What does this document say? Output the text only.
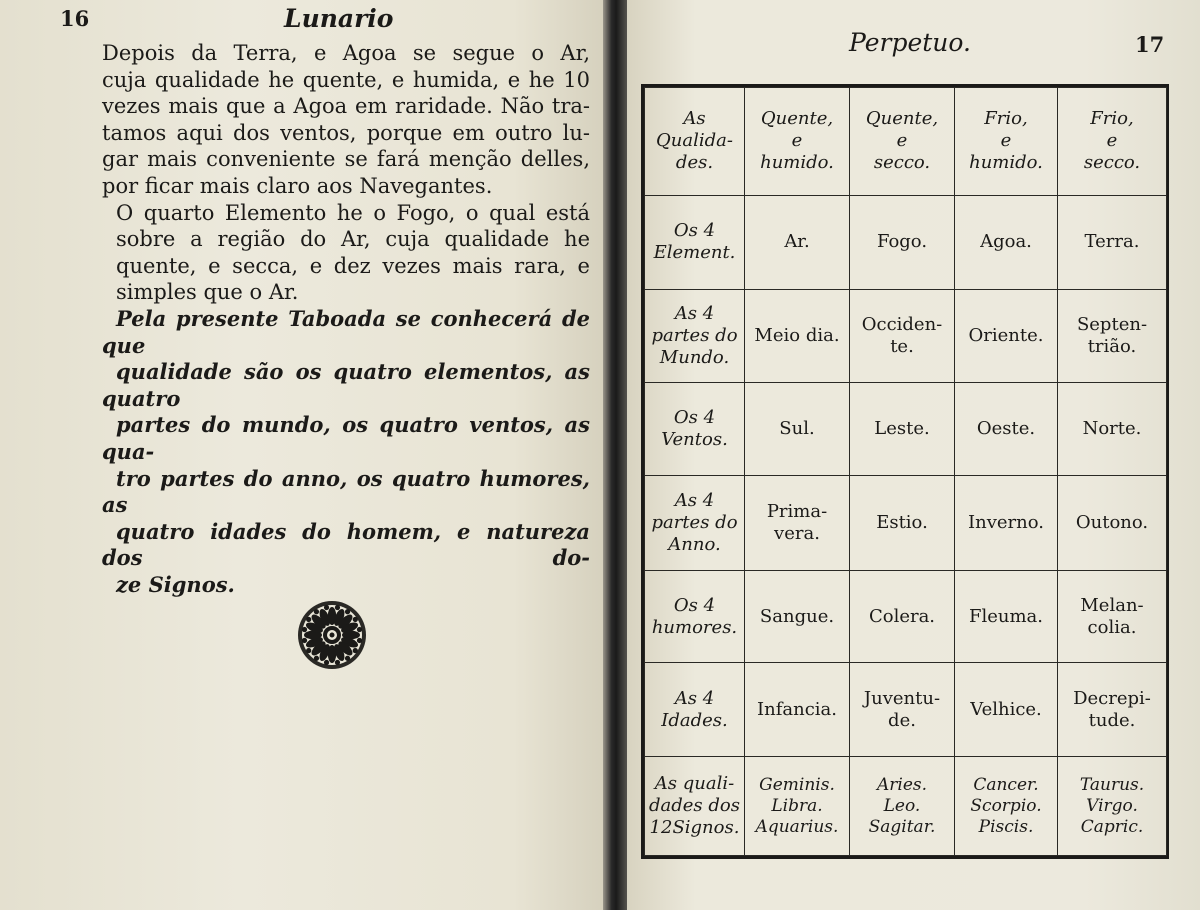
16	Lunario

Depois da Terra, e Agoa se segue o Ar,
cuja qualidade he quente, e humida, e he 10
vezes mais que a Agoa em raridade. Não tra-
tamos aqui dos ventos, porque em outro lu-
gar mais conveniente se fará menção delles,
por ficar mais claro aos Navegantes.

O quarto Elemento he o Fogo, o qual está
sobre a região do Ar, cuja qualidade he
quente, e secca, e dez vezes mais rara, e
simples que o Ar.

Pela presente Taboada se conhecerá de que
qualidade são os quatro elementos, as quatro
partes do mundo, os quatro ventos, as qua-
tro partes do anno, os quatro humores, as
quatro idades do homem, e natureza dos do-
ze Signos.

Perpetuo.	17
As
Qualida-
des.	Quente,
e
humido.	Quente,
e
secco.	Frio,
e
humido.	Frio,
e
secco.

Os 4
Element.	Ar.	Fogo.	Agoa.	Terra.

As 4
partes do
Mundo.	Meio dia.	Occiden-
te.	Oriente.	Septen-
trião.

Os 4
Ventos.	Sul.	Leste.	Oeste.	Norte.

As 4
partes do
Anno.	Prima-
vera.	Estio.	Inverno.	Outono.

Os 4
humores.	Sangue.	Colera.	Fleuma.	Melan-
colia.

As 4
Idades.	Infancia.	Juventu-
de.	Velhice.	Decrepi-
tude.

As quali-
dades dos
12Signos.	Geminis.
Libra.
Aquarius.	Aries.
Leo.
Sagitar.	Cancer.
Scorpio.
Piscis.	Taurus.
Virgo.
Capric.
